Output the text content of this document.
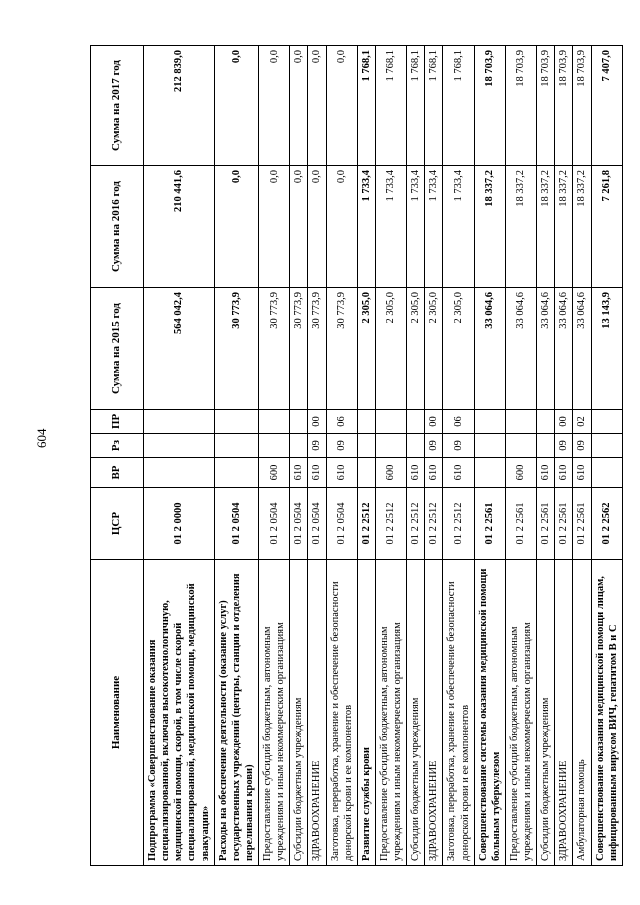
604
Наименование	ЦСР	ВР	Рз	ПР	Сумма на 2015 год	Сумма на 2016 год	Сумма на 2017 год
Подпрограмма «Совершенствование оказания специализированной, включая высокотехнологичную, медицинской помощи, скорой, в том числе скорой специализированной, медицинской помощи, медицинской эвакуации»	01 2 0000				564 042,4	210 441,6	212 839,0
Расходы на обеспечение деятельности (оказание услуг) государственных учреждений (центры, станции и отделения переливания крови)	01 2 0504				30 773,9	0,0	0,0
Предоставление субсидий бюджетным, автономным учреждениям и иным некоммерческим организациям	01 2 0504	600			30 773,9	0,0	0,0
Субсидии бюджетным учреждениям	01 2 0504	610			30 773,9	0,0	0,0
ЗДРАВООХРАНЕНИЕ	01 2 0504	610	09	00	30 773,9	0,0	0,0
Заготовка, переработка, хранение и обеспечение безопасности донорской крови и ее компонентов	01 2 0504	610	09	06	30 773,9	0,0	0,0
Развитие службы крови	01 2 2512				2 305,0	1 733,4	1 768,1
Предоставление субсидий бюджетным, автономным учреждениям и иным некоммерческим организациям	01 2 2512	600			2 305,0	1 733,4	1 768,1
Субсидии бюджетным учреждениям	01 2 2512	610			2 305,0	1 733,4	1 768,1
ЗДРАВООХРАНЕНИЕ	01 2 2512	610	09	00	2 305,0	1 733,4	1 768,1
Заготовка, переработка, хранение и обеспечение безопасности донорской крови и ее компонентов	01 2 2512	610	09	06	2 305,0	1 733,4	1 768,1
Совершенствование системы оказания медицинской помощи больным туберкулезом	01 2 2561				33 064,6	18 337,2	18 703,9
Предоставление субсидий бюджетным, автономным учреждениям и иным некоммерческим организациям	01 2 2561	600			33 064,6	18 337,2	18 703,9
Субсидии бюджетным учреждениям	01 2 2561	610			33 064,6	18 337,2	18 703,9
ЗДРАВООХРАНЕНИЕ	01 2 2561	610	09	00	33 064,6	18 337,2	18 703,9
Амбулаторная помощь	01 2 2561	610	09	02	33 064,6	18 337,2	18 703,9
Совершенствование оказания медицинской помощи лицам, инфицированным вирусом ВИЧ, гепатитом В и С	01 2 2562				13 143,9	7 261,8	7 407,0
